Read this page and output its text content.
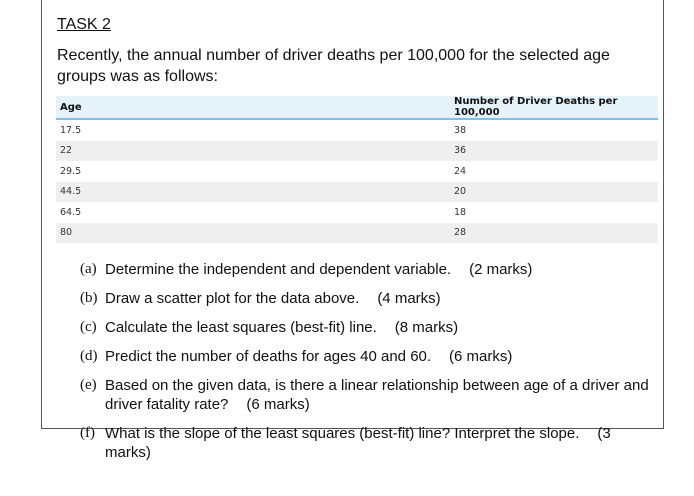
TASK 2

Recently, the annual number of driver deaths per 100,000 for the selected age groups was as follows:

Age	Number of Driver Deaths per 100,000
17.5	38
22	36
29.5	24
44.5	20
64.5	18
80	28
(a) Determine the independent and dependent variable. (2 marks)
(b) Draw a scatter plot for the data above. (4 marks)
(c) Calculate the least squares (best-fit) line. (8 marks)
(d) Predict the number of deaths for ages 40 and 60. (6 marks)
(e) Based on the given data, is there a linear relationship between age of a driver and driver fatality rate? (6 marks)
(f) What is the slope of the least squares (best-fit) line? Interpret the slope. (3 marks)
